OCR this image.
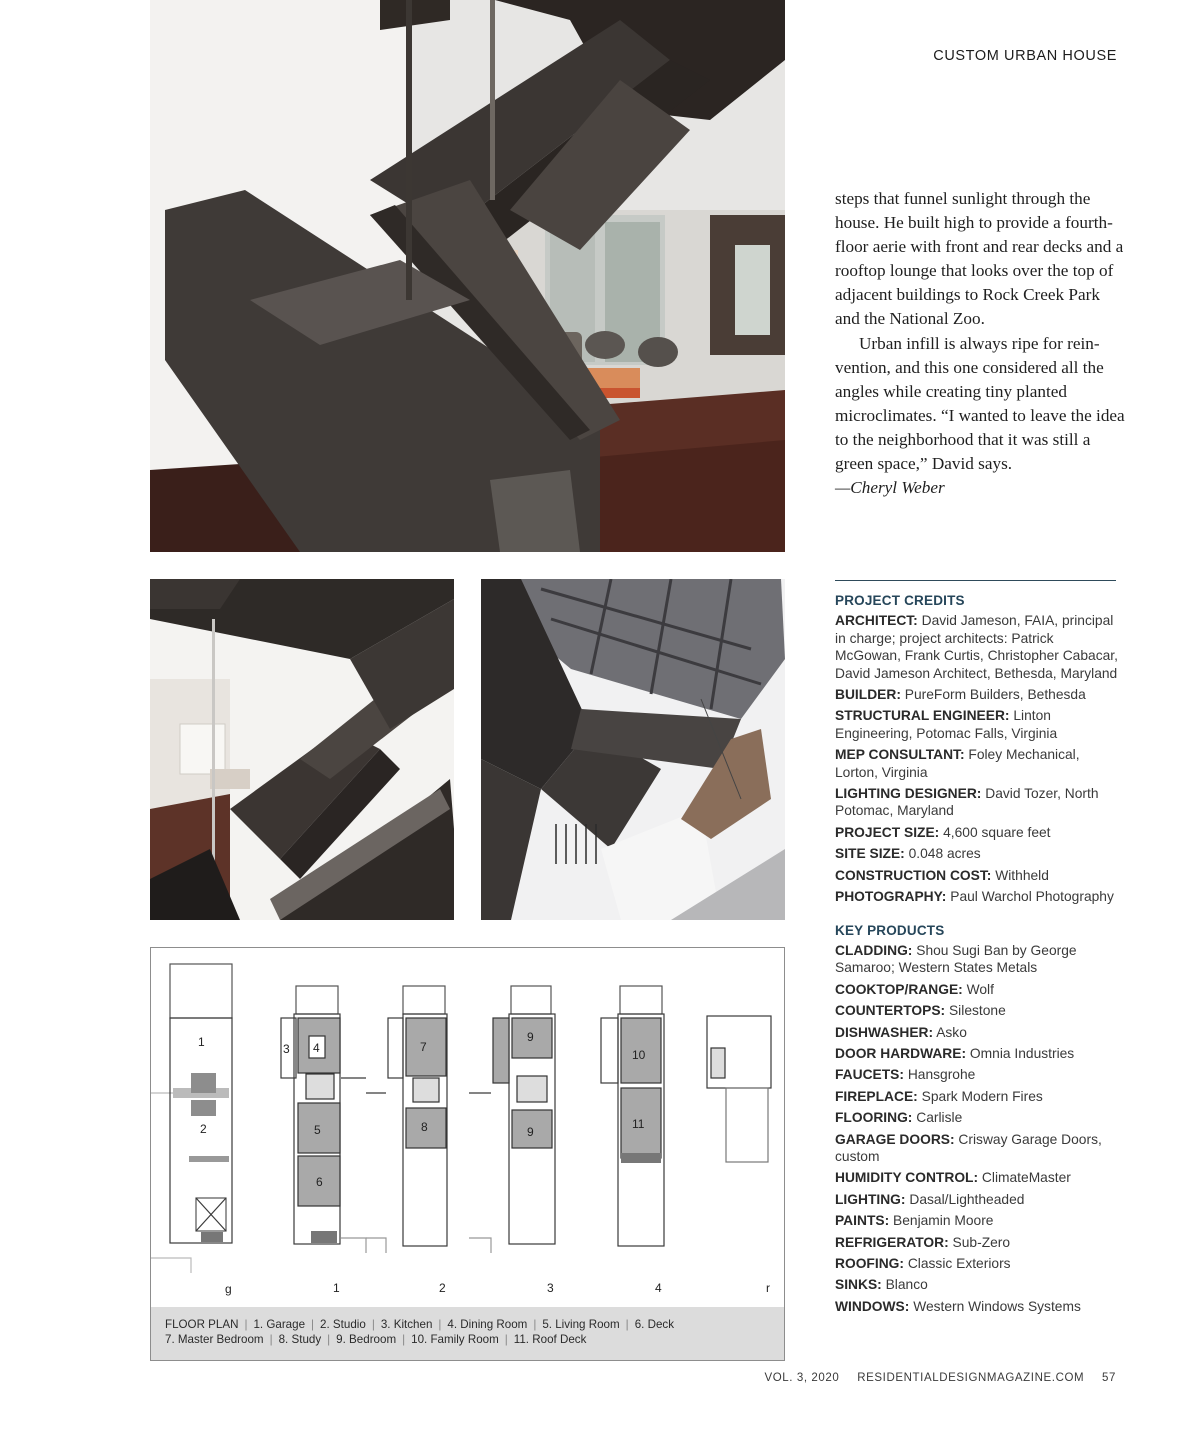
CUSTOM URBAN HOUSE

steps that funnel sunlight through the house. He built high to provide a fourth-floor aerie with front and rear decks and a rooftop lounge that looks over the top of adjacent buildings to Rock Creek Park and the National Zoo.

Urban infill is always ripe for reinvention, and this one considered all the angles while creating tiny planted microclimates. “I wanted to leave the idea to the neighborhood that it was still a green space,” David says.

—Cheryl Weber

PROJECT CREDITS
ARCHITECT: David Jameson, FAIA, principal in charge; project architects: Patrick McGowan, Frank Curtis, Christopher Cabacar, David Jameson Architect, Bethesda, Maryland
BUILDER: PureForm Builders, Bethesda
STRUCTURAL ENGINEER: Linton Engineering, Potomac Falls, Virginia
MEP CONSULTANT: Foley Mechanical, Lorton, Virginia
LIGHTING DESIGNER: David Tozer, North Potomac, Maryland
PROJECT SIZE: 4,600 square feet
SITE SIZE: 0.048 acres
CONSTRUCTION COST: Withheld
PHOTOGRAPHY: Paul Warchol Photography
KEY PRODUCTS
CLADDING: Shou Sugi Ban by George Samaroo; Western States Metals
COOKTOP/RANGE: Wolf
COUNTERTOPS: Silestone
DISHWASHER: Asko
DOOR HARDWARE: Omnia Industries
FAUCETS: Hansgrohe
FIREPLACE: Spark Modern Fires
FLOORING: Carlisle
GARAGE DOORS: Crisway Garage Doors, custom
HUMIDITY CONTROL: ClimateMaster
LIGHTING: Dasal/Lightheaded
PAINTS: Benjamin Moore
REFRIGERATOR: Sub-Zero
ROOFING: Classic Exteriors
SINKS: Blanco
WINDOWS: Western Windows Systems
1
2
3 4
5
6
7
8
9
9
10
11
g	1	2	3	4	r
FLOOR PLAN | 1. Garage | 2. Studio | 3. Kitchen | 4. Dining Room | 5. Living Room | 6. Deck
7. Master Bedroom | 8. Study | 9. Bedroom | 10. Family Room | 11. Roof Deck
VOL. 3, 2020 RESIDENTIALDESIGNMAGAZINE.COM 57
